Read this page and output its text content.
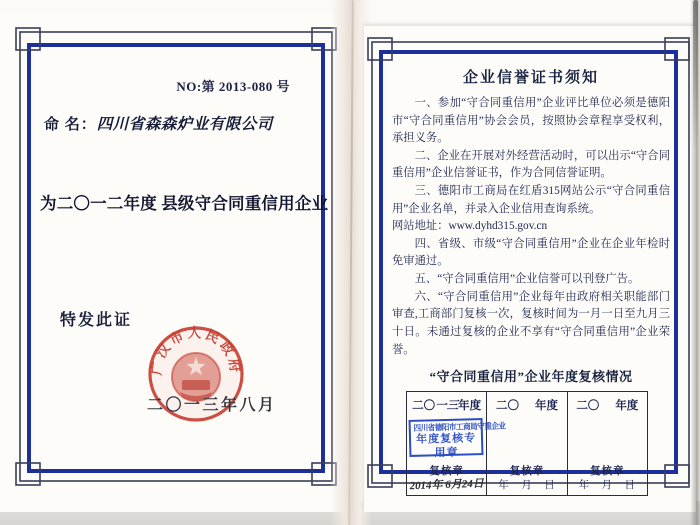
NO:第 2013-080 号
命 名：四川省森森炉业有限公司
为二〇一二年度 县级守合同重信用企业
特发此证
广汉市人民政府
二〇一三年八月
企业信誉证书须知

一、参加“守合同重信用”企业评比单位必须是德阳市“守合同重信用”协会会员，按照协会章程享受权利，承担义务。

二、企业在开展对外经营活动时，可以出示“守合同重信用”企业信誉证书，作为合同信誉证明。

三、德阳市工商局在红盾315网站公示“守合同重信用”企业名单，并录入企业信用查询系统。

网站地址：www.dyhd315.gov.cn

四、省级、市级“守合同重信用”企业在企业年检时免审通过。

五、“守合同重信用”企业信誉可以刊登广告。

六、“守合同重信用”企业每年由政府相关职能部门审查,工商部门复核一次，复核时间为一月一日至九月三十日。未通过复核的企业不享有“守合同重信用”企业荣誉。

“守合同重信用”企业年度复核情况
二〇一三年度
四川省德阳市工商局守重企业
年度复核专用章
复核章
2014年 6月24日
二〇 年度
复核章
年　月　日
二〇 年度
复核章
年　月　日
